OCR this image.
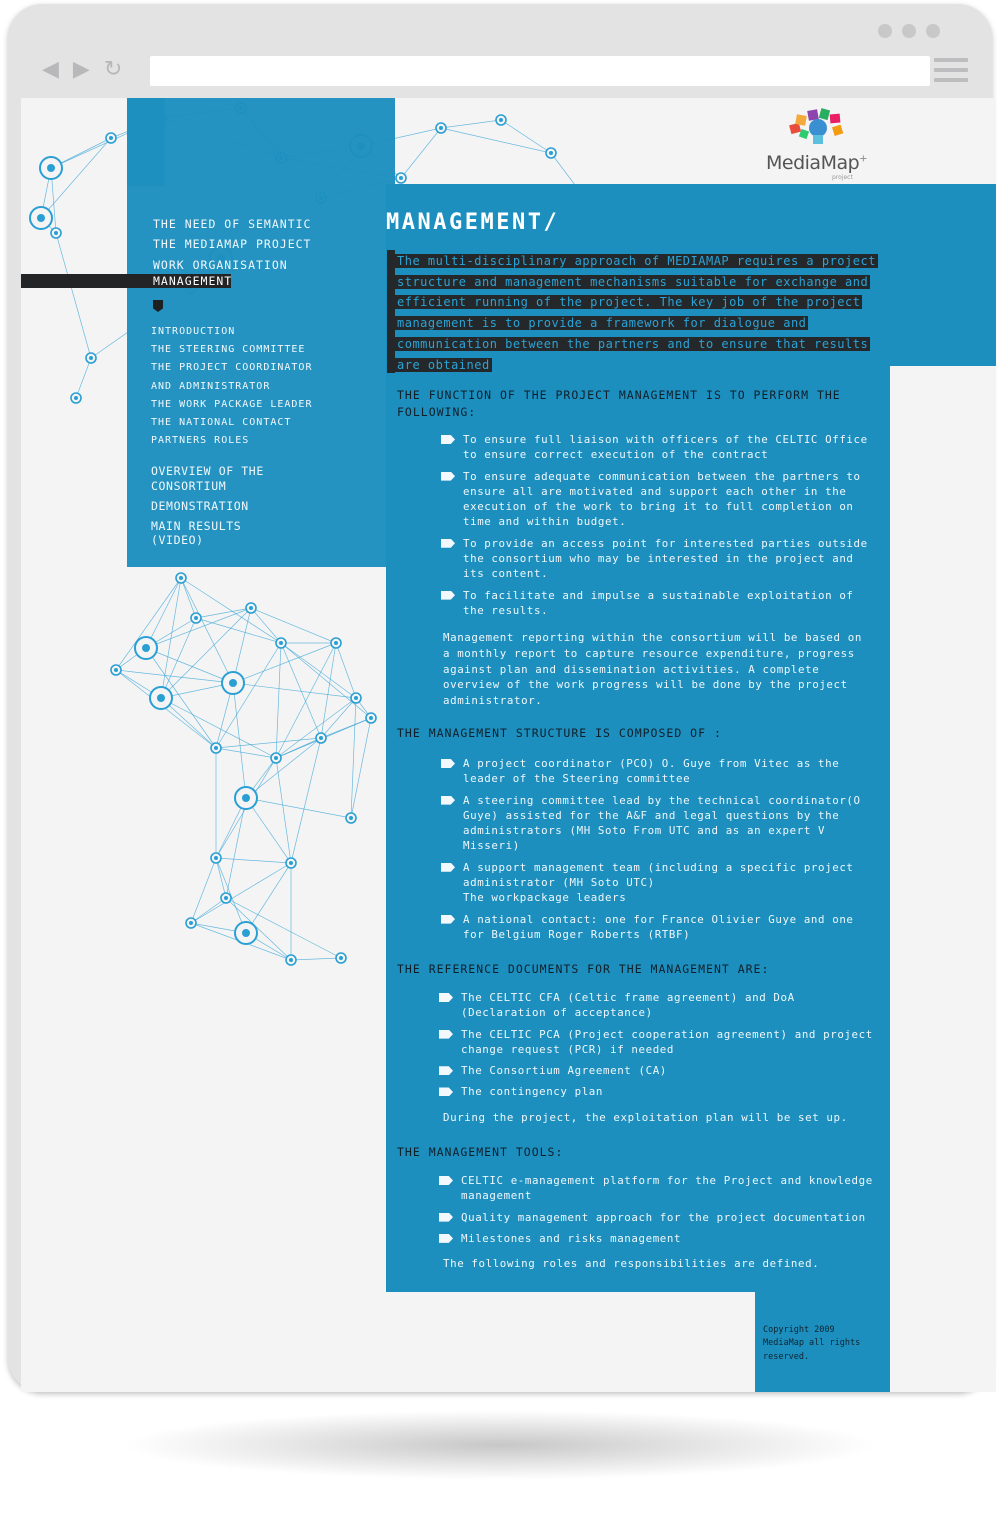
◀ ▶ ↻
MediaMap+
project
THE NEED OF SEMANTIC
THE MEDIAMAP PROJECT
WORK ORGANISATION
MANAGEMENT
INTRODUCTION
THE STEERING COMMITTEE
THE PROJECT COORDINATOR
AND ADMINISTRATOR
THE WORK PACKAGE LEADER
THE NATIONAL CONTACT
PARTNERS ROLES
OVERVIEW OF THE CONSORTIUM
DEMONSTRATION
MAIN RESULTS (VIDEO)
MANAGEMENT/

The multi-disciplinary approach of MEDIAMAP requires a project structure and management mechanisms suitable for exchange and efficient running of the project. The key job of the project management is to provide a framework for dialogue and communication between the partners and to ensure that results are obtained

THE FUNCTION OF THE PROJECT MANAGEMENT IS TO PERFORM THE FOLLOWING:
To ensure full liaison with officers of the CELTIC Office to ensure correct execution of the contract
To ensure adequate communication between the partners to ensure all are motivated and support each other in the execution of the work to bring it to full completion on time and within budget.
To provide an access point for interested parties outside the consortium who may be interested in the project and its content.
To facilitate and impulse a sustainable exploitation of the results.

Management reporting within the consortium will be based on a monthly report to capture resource expenditure, progress against plan and dissemination activities. A complete overview of the work progress will be done by the project administrator.

THE MANAGEMENT STRUCTURE IS COMPOSED OF :
A project coordinator (PCO) O. Guye from Vitec as the leader of the Steering committee
A steering committee lead by the technical coordinator(O Guye) assisted for the A&F and legal questions by the administrators (MH Soto From UTC and as an expert V Misseri)
A support management team (including a specific project administrator (MH Soto UTC)
The workpackage leaders
A national contact: one for France Olivier Guye and one for Belgium Roger Roberts (RTBF)
THE REFERENCE DOCUMENTS FOR THE MANAGEMENT ARE:
The CELTIC CFA (Celtic frame agreement) and DoA (Declaration of acceptance)
The CELTIC PCA (Project cooperation agreement) and project change request (PCR) if needed
The Consortium Agreement (CA)
The contingency plan

During the project, the exploitation plan will be set up.

THE MANAGEMENT TOOLS:
CELTIC e-management platform for the Project and knowledge management
Quality management approach for the project documentation
Milestones and risks management

The following roles and responsibilities are defined.

Copyright 2009 MediaMap all rights reserved.
